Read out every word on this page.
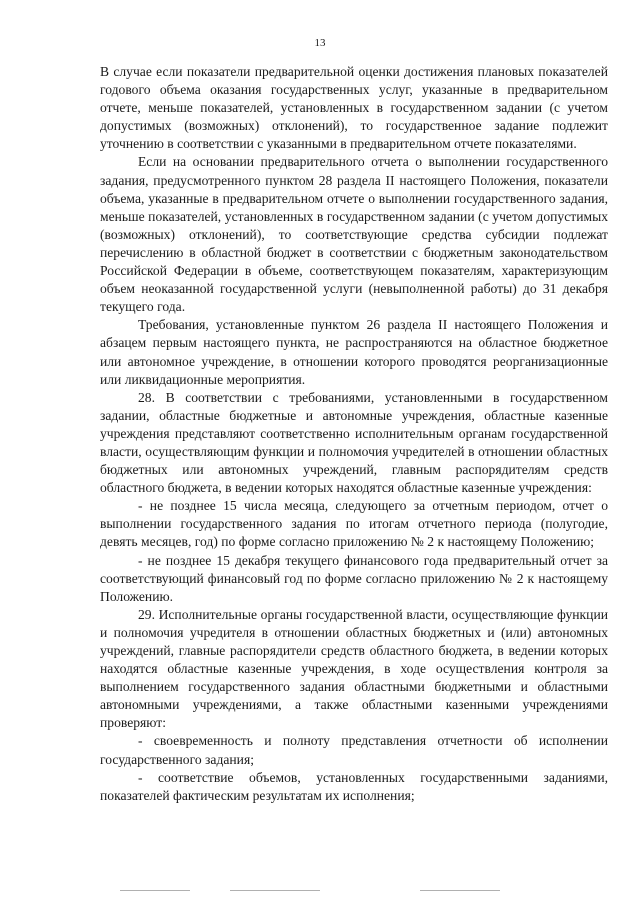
13

В случае если показатели предварительной оценки достижения плановых показателей годового объема оказания государственных услуг, указанные в предварительном отчете, меньше показателей, установленных в государственном задании (с учетом допустимых (возможных) отклонений), то государственное задание подлежит уточнению в соответствии с указанными в предварительном отчете показателями.

Если на основании предварительного отчета о выполнении государственного задания, предусмотренного пунктом 28 раздела II настоящего Положения, показатели объема, указанные в предварительном отчете о выполнении государственного задания, меньше показателей, установленных в государственном задании (с учетом допустимых (возможных) отклонений), то соответствующие средства субсидии подлежат перечислению в областной бюджет в соответствии с бюджетным законодательством Российской Федерации в объеме, соответствующем показателям, характеризующим объем неоказанной государственной услуги (невыполненной работы) до 31 декабря текущего года.

Требования, установленные пунктом 26 раздела II настоящего Положения и абзацем первым настоящего пункта, не распространяются на областное бюджетное или автономное учреждение, в отношении которого проводятся реорганизационные или ликвидационные мероприятия.

28. В соответствии с требованиями, установленными в государственном задании, областные бюджетные и автономные учреждения, областные казенные учреждения представляют соответственно исполнительным органам государственной власти, осуществляющим функции и полномочия учредителей в отношении областных бюджетных или автономных учреждений, главным распорядителям средств областного бюджета, в ведении которых находятся областные казенные учреждения:

- не позднее 15 числа месяца, следующего за отчетным периодом, отчет о выполнении государственного задания по итогам отчетного периода (полугодие, девять месяцев, год) по форме согласно приложению № 2 к настоящему Положению;

- не позднее 15 декабря текущего финансового года предварительный отчет за соответствующий финансовый год по форме согласно приложению № 2 к настоящему Положению.

29. Исполнительные органы государственной власти, осуществляющие функции и полномочия учредителя в отношении областных бюджетных и (или) автономных учреждений, главные распорядители средств областного бюджета, в ведении которых находятся областные казенные учреждения, в ходе осуществления контроля за выполнением государственного задания областными бюджетными и областными автономными учреждениями, а также областными казенными учреждениями проверяют:

- своевременность и полноту представления отчетности об исполнении государственного задания;

- соответствие объемов, установленных государственными заданиями, показателей фактическим результатам их исполнения;
